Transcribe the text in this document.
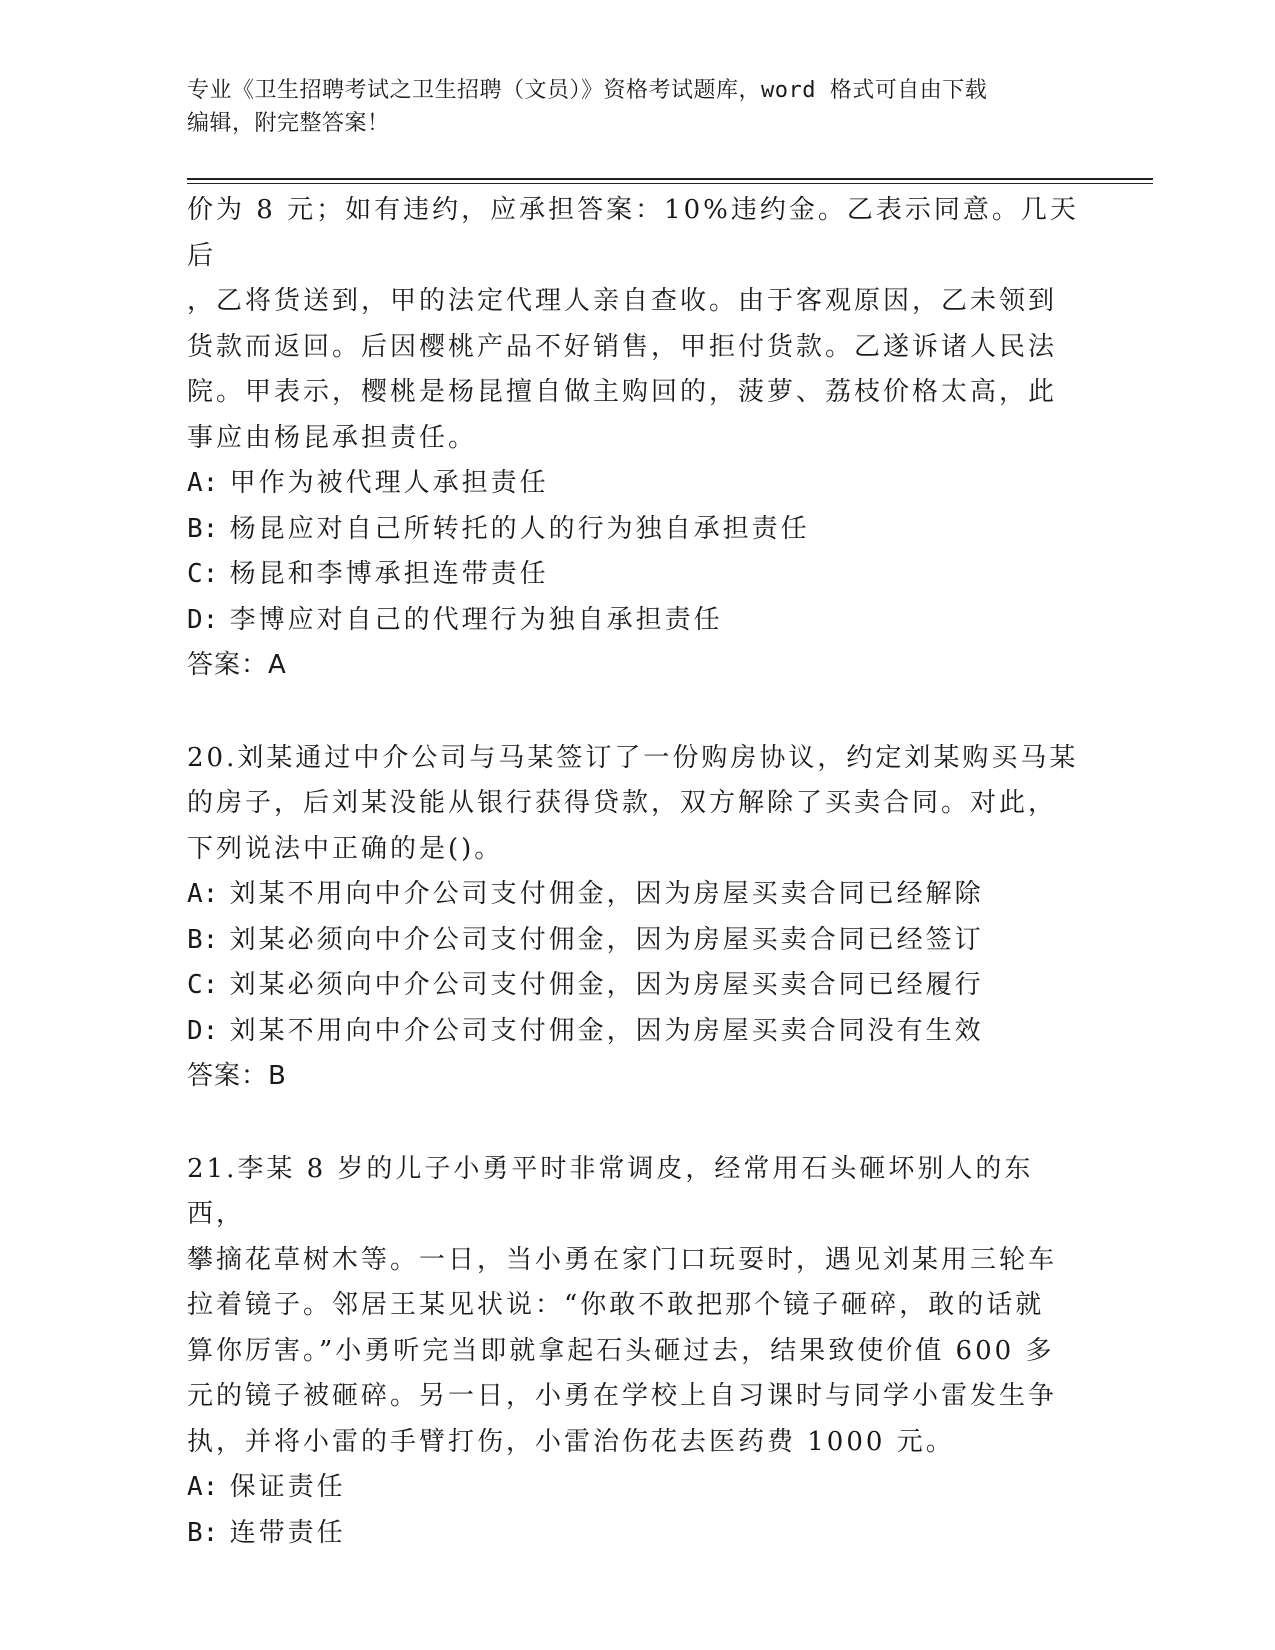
专业《卫生招聘考试之卫生招聘（文员）》资格考试题库，word 格式可自由下载
编辑，附完整答案！

价为 8 元；如有违约，应承担答案：10%违约金。乙表示同意。几天后

，乙将货送到，甲的法定代理人亲自查收。由于客观原因，乙未领到

货款而返回。后因樱桃产品不好销售，甲拒付货款。乙遂诉诸人民法

院。甲表示，樱桃是杨昆擅自做主购回的，菠萝、荔枝价格太高，此

事应由杨昆承担责任。

A: 甲作为被代理人承担责任

B: 杨昆应对自己所转托的人的行为独自承担责任

C: 杨昆和李博承担连带责任

D: 李博应对自己的代理行为独自承担责任

答案：A

20.刘某通过中介公司与马某签订了一份购房协议，约定刘某购买马某

的房子，后刘某没能从银行获得贷款，双方解除了买卖合同。对此，

下列说法中正确的是()。

A: 刘某不用向中介公司支付佣金，因为房屋买卖合同已经解除

B: 刘某必须向中介公司支付佣金，因为房屋买卖合同已经签订

C: 刘某必须向中介公司支付佣金，因为房屋买卖合同已经履行

D: 刘某不用向中介公司支付佣金，因为房屋买卖合同没有生效

答案：B

21.李某 8 岁的儿子小勇平时非常调皮，经常用石头砸坏别人的东西，

攀摘花草树木等。一日，当小勇在家门口玩耍时，遇见刘某用三轮车

拉着镜子。邻居王某见状说：“你敢不敢把那个镜子砸碎，敢的话就

算你厉害。”小勇听完当即就拿起石头砸过去，结果致使价值 600 多

元的镜子被砸碎。另一日，小勇在学校上自习课时与同学小雷发生争

执，并将小雷的手臂打伤，小雷治伤花去医药费 1000 元。

A: 保证责任

B: 连带责任
